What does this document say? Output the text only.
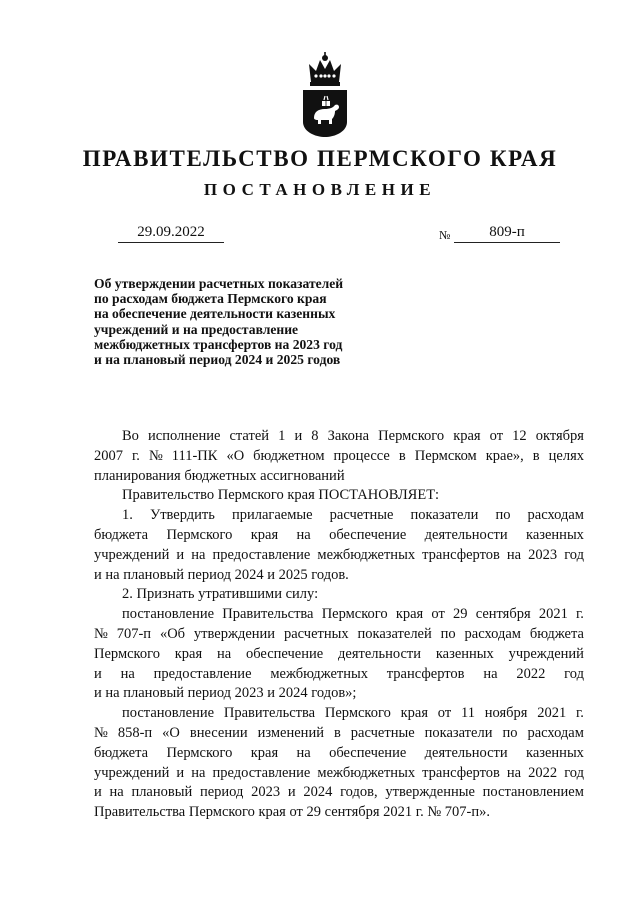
ПРАВИТЕЛЬСТВО ПЕРМСКОГО КРАЯ
ПОСТАНОВЛЕНИЕ
29.09.2022	№	809-п
Об утверждении расчетных показателей
по расходам бюджета Пермского края
на обеспечение деятельности казенных
учреждений и на предоставление
межбюджетных трансфертов на 2023 год
и на плановый период 2024 и 2025 годов
Во исполнение статей 1 и 8 Закона Пермского края от 12 октября
2007 г. № 111-ПК «О бюджетном процессе в Пермском крае», в целях
планирования бюджетных ассигнований
Правительство Пермского края ПОСТАНОВЛЯЕТ:
1. Утвердить прилагаемые расчетные показатели по расходам
бюджета Пермского края на обеспечение деятельности казенных
учреждений и на предоставление межбюджетных трансфертов на 2023 год
и на плановый период 2024 и 2025 годов.
2. Признать утратившими силу:
постановление Правительства Пермского края от 29 сентября 2021 г.
№ 707-п «Об утверждении расчетных показателей по расходам бюджета
Пермского края на обеспечение деятельности казенных учреждений
и на предоставление межбюджетных трансфертов на 2022 год
и на плановый период 2023 и 2024 годов»;
постановление Правительства Пермского края от 11 ноября 2021 г.
№ 858-п «О внесении изменений в расчетные показатели по расходам
бюджета Пермского края на обеспечение деятельности казенных
учреждений и на предоставление межбюджетных трансфертов на 2022 год
и на плановый период 2023 и 2024 годов, утвержденные постановлением
Правительства Пермского края от 29 сентября 2021 г. № 707-п».
